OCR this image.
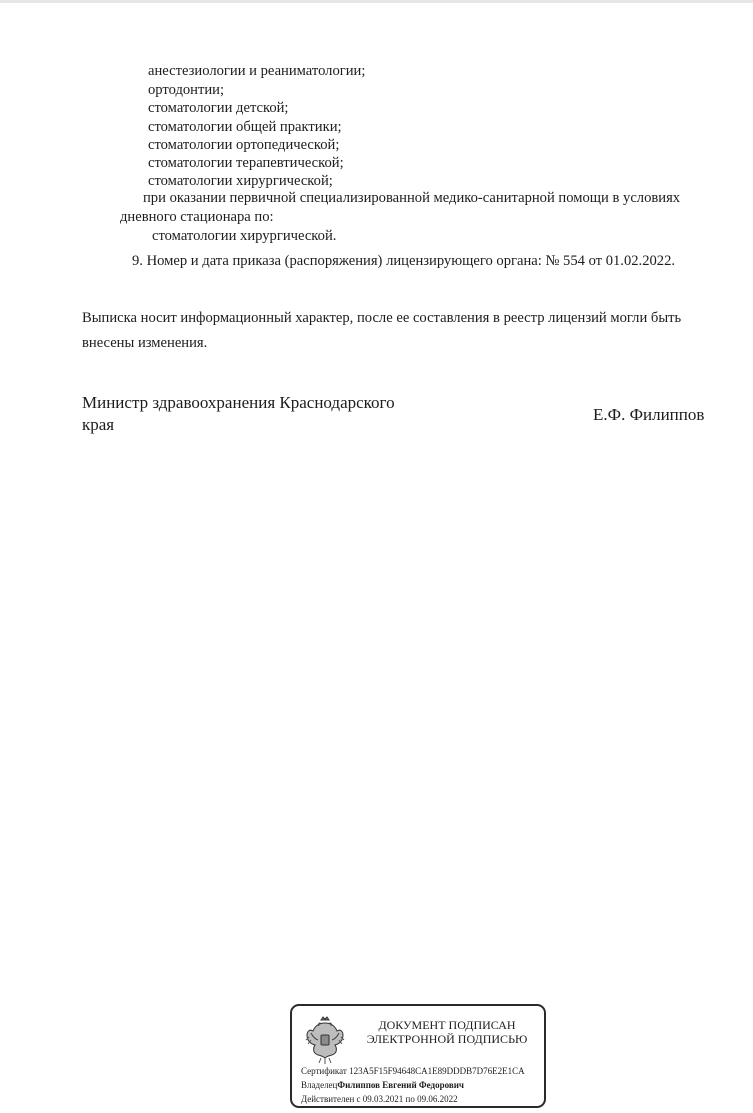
анестезиологии и реаниматологии;
ортодонтии;
стоматологии детской;
стоматологии общей практики;
стоматологии ортопедической;
стоматологии терапевтической;
стоматологии хирургической;
при оказании первичной специализированной медико-санитарной помощи в условиях
дневного стационара по:
стоматологии хирургической.
9. Номер и дата приказа (распоряжения) лицензирующего органа: № 554 от 01.02.2022.
Выписка носит информационный характер, после ее составления в реестр лицензий могли быть
внесены изменения.
Министр здравоохранения Краснодарского
края
Е.Ф. Филиппов
ДОКУМЕНТ ПОДПИСАН
ЭЛЕКТРОННОЙ ПОДПИСЬЮ
Сертификат 123A5F15F94648CA1E89DDDB7D76E2E1CA
ВладелецФилиппов Евгений Федорович
Действителен с 09.03.2021 по 09.06.2022
